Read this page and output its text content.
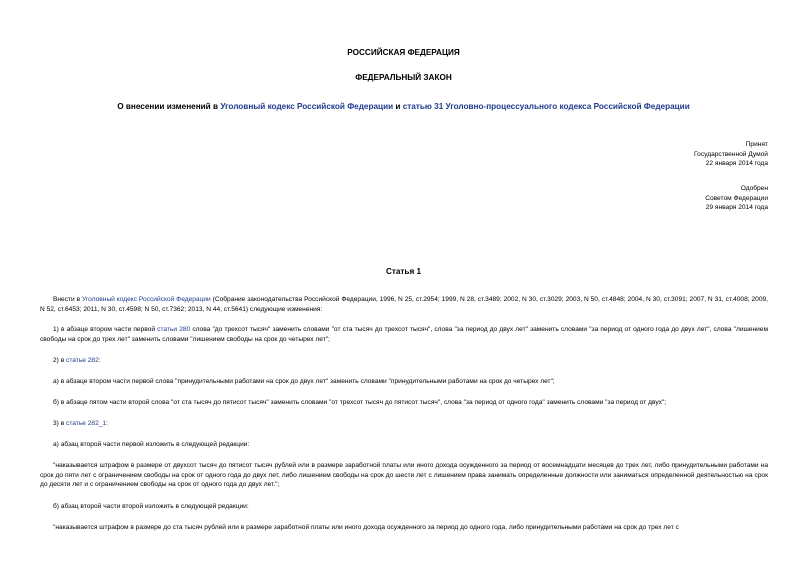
РОССИЙСКАЯ ФЕДЕРАЦИЯ
ФЕДЕРАЛЬНЫЙ ЗАКОН
О внесении изменений в Уголовный кодекс Российской Федерации и статью 31 Уголовно-процессуального кодекса Российской Федерации
Принят
Государственной Думой
22 января 2014 года
Одобрен
Советом Федерации
29 января 2014 года
Статья 1
Внести в Уголовный кодекс Российской Федерации (Собрание законодательства Российской Федерации, 1996, N 25, ст.2954; 1999, N 28, ст.3489; 2002, N 30, ст.3029; 2003, N 50, ст.4848; 2004, N 30, ст.3091; 2007, N 31, ст.4008; 2009, N 52, ст.6453; 2011, N 30, ст.4598; N 50, ст.7362; 2013, N 44, ст.5641) следующие изменения:
1) в абзаце втором части первой статьи 280 слова "до трехсот тысяч" заменить словами "от ста тысяч до трехсот тысяч", слова "за период до двух лет" заменить словами "за период от одного года до двух лет", слова "лишением свободы на срок до трех лет" заменить словами "лишением свободы на срок до четырех лет";
2) в статье 282:
а) в абзаце втором части первой слова "принудительными работами на срок до двух лет" заменить словами "принудительными работами на срок до четырех лет";
б) в абзаце пятом части второй слова "от ста тысяч до пятисот тысяч" заменить словами "от трехсот тысяч до пятисот тысяч", слова "за период от одного года" заменить словами "за период от двух";
3) в статье 282_1:
а) абзац второй части первой изложить в следующей редакции:
"наказывается штрафом в размере от двухсот тысяч до пятисот тысяч рублей или в размере заработной платы или иного дохода осужденного за период от восемнадцати месяцев до трех лет, либо принудительными работами на срок до пяти лет с ограничением свободы на срок от одного года до двух лет, либо лишением свободы на срок до шести лет с лишением права занимать определенные должности или заниматься определенной деятельностью на срок до десяти лет и с ограничением свободы на срок от одного года до двух лет.";
б) абзац второй части второй изложить в следующей редакции:
"наказывается штрафом в размере до ста тысяч рублей или в размере заработной платы или иного дохода осужденного за период до одного года, либо принудительными работами на срок до трех лет с
